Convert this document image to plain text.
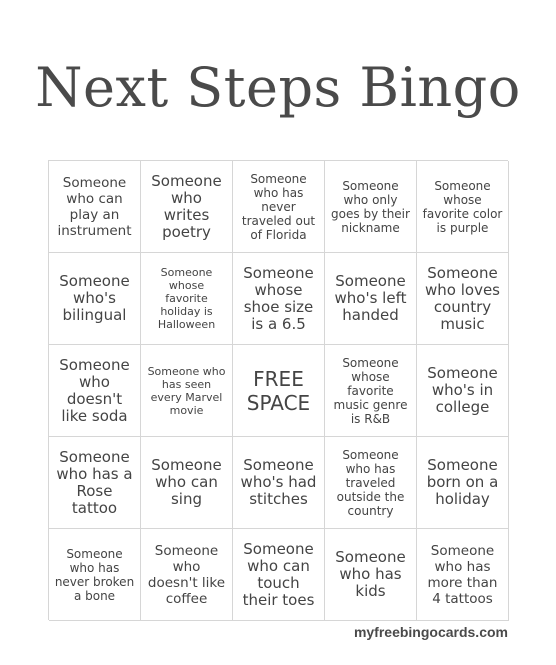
Next Steps Bingo
Someone who can play an instrument
Someone who writes poetry
Someone who has never traveled out of Florida
Someone who only goes by their nickname
Someone whose favorite color is purple
Someone who's bilingual
Someone whose favorite holiday is Halloween
Someone whose shoe size is a 6.5
Someone who's left handed
Someone who loves country music
Someone who doesn't like soda
Someone who has seen every Marvel movie
FREE SPACE
Someone whose favorite music genre is R&B
Someone who's in college
Someone who has a Rose tattoo
Someone who can sing
Someone who's had stitches
Someone who has traveled outside the country
Someone born on a holiday
Someone who has never broken a bone
Someone who doesn't like coffee
Someone who can touch their toes
Someone who has kids
Someone who has more than 4 tattoos
myfreebingocards.com
